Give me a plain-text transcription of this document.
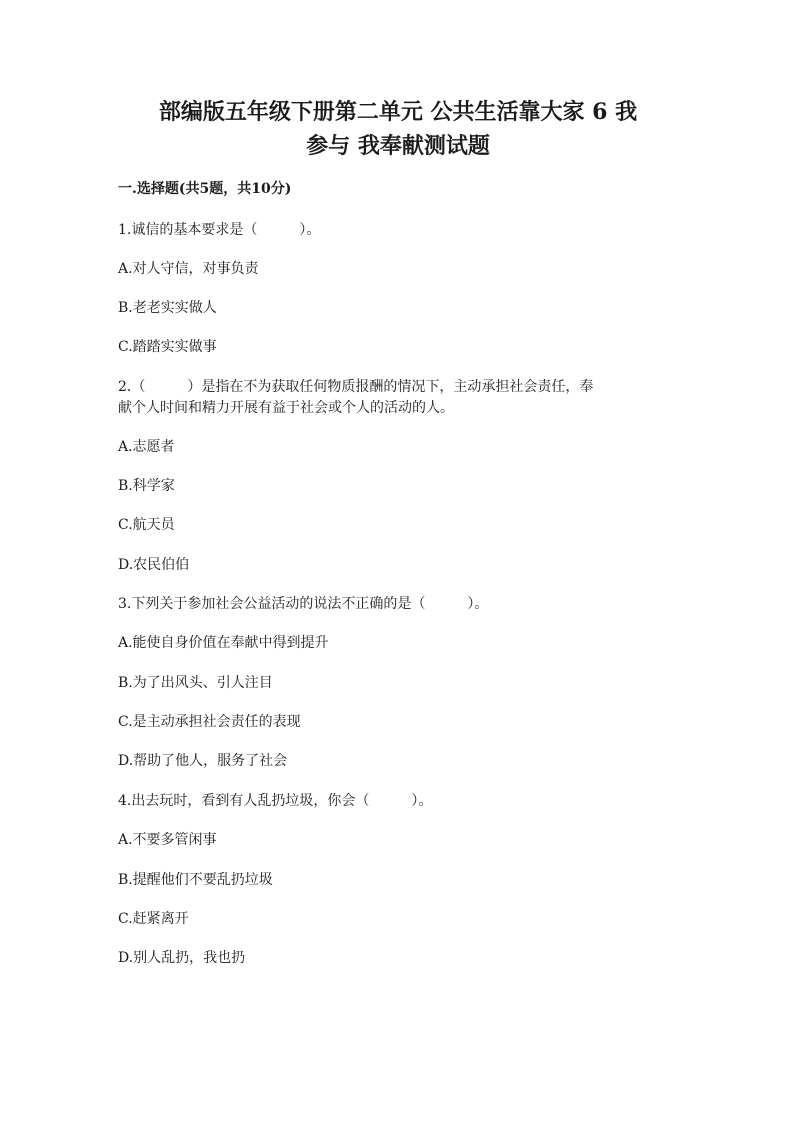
部编版五年级下册第二单元 公共生活靠大家 6 我
参与 我奉献测试题
一.选择题(共5题，共10分)
1.诚信的基本要求是（　　　）。
A.对人守信，对事负责
B.老老实实做人
C.踏踏实实做事
2.（　　　）是指在不为获取任何物质报酬的情况下，主动承担社会责任，奉
献个人时间和精力开展有益于社会或个人的活动的人。
A.志愿者
B.科学家
C.航天员
D.农民伯伯
3.下列关于参加社会公益活动的说法不正确的是（　　　）。
A.能使自身价值在奉献中得到提升
B.为了出风头、引人注目
C.是主动承担社会责任的表现
D.帮助了他人，服务了社会
4.出去玩时，看到有人乱扔垃圾，你会（　　　）。
A.不要多管闲事
B.提醒他们不要乱扔垃圾
C.赶紧离开
D.别人乱扔，我也扔
